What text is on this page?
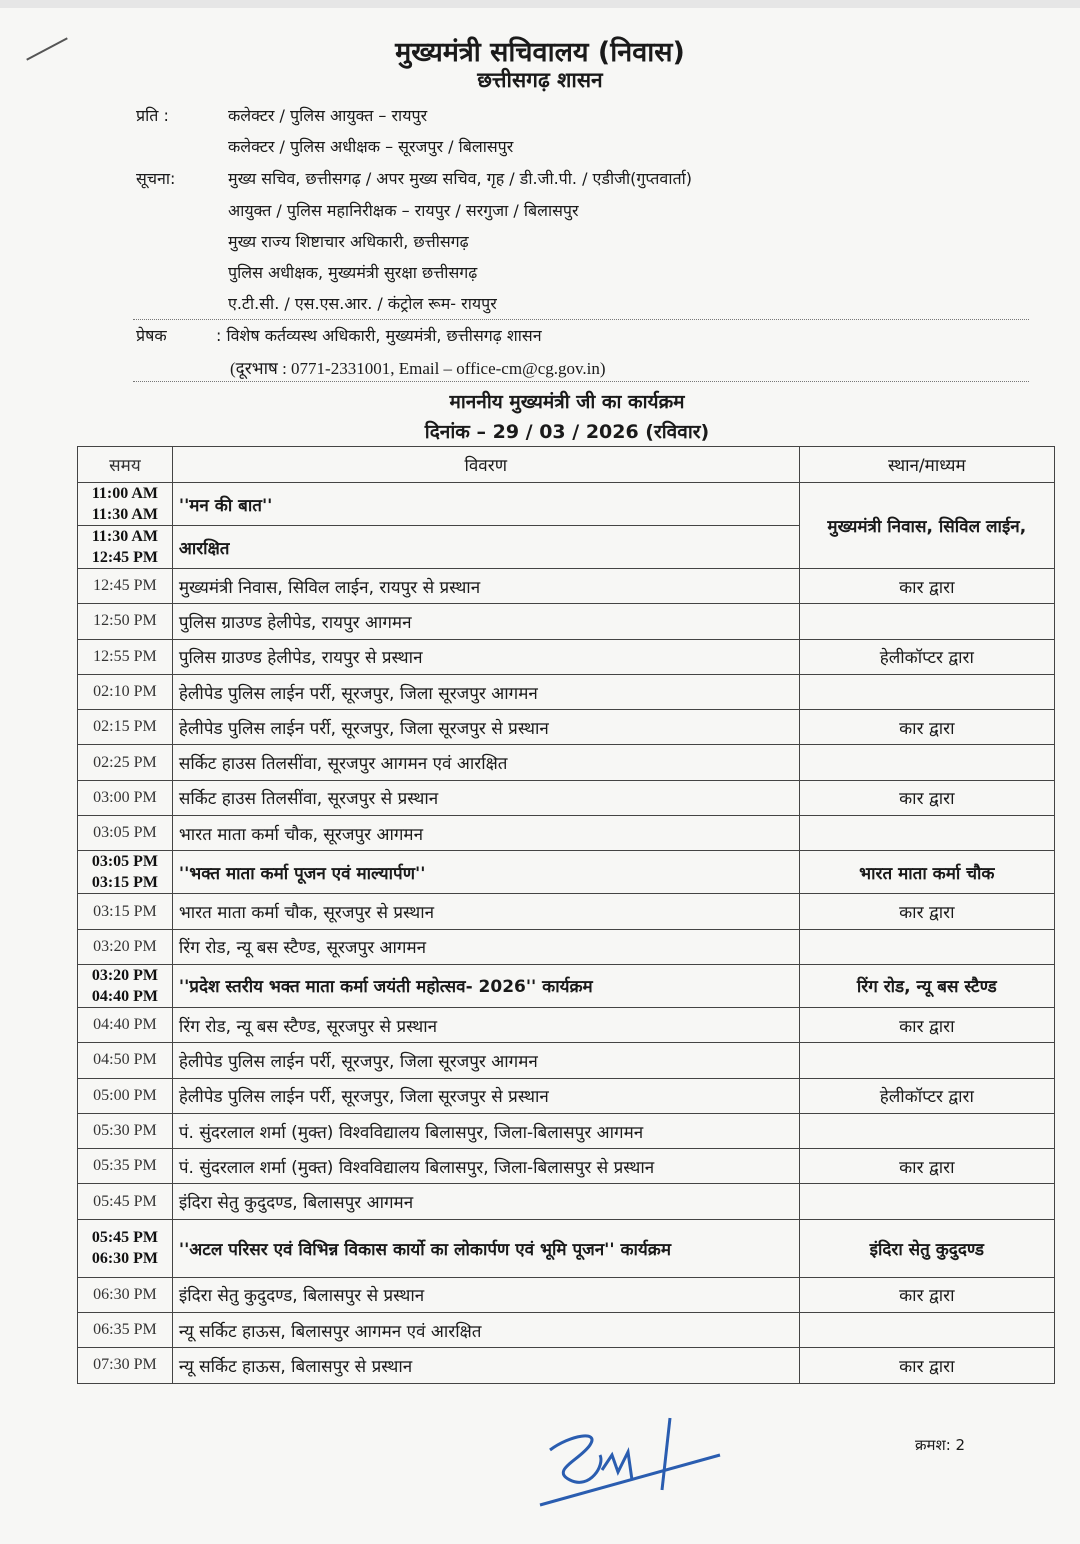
मुख्यमंत्री सचिवालय (निवास)
छत्तीसगढ़ शासन
प्रति :	कलेक्टर / पुलिस आयुक्त – रायपुर
कलेक्टर / पुलिस अधीक्षक – सूरजपुर / बिलासपुर
सूचना:	मुख्य सचिव, छत्तीसगढ़ / अपर मुख्य सचिव, गृह / डी.जी.पी. / एडीजी(गुप्तवार्ता)
आयुक्त / पुलिस महानिरीक्षक – रायपुर / सरगुजा / बिलासपुर
मुख्य राज्य शिष्टाचार अधिकारी, छत्तीसगढ़
पुलिस अधीक्षक, मुख्यमंत्री सुरक्षा छत्तीसगढ़
ए.टी.सी. / एस.एस.आर. / कंट्रोल रूम- रायपुर
प्रेषक	: विशेष कर्तव्यस्थ अधिकारी, मुख्यमंत्री, छत्तीसगढ़ शासन
(दूरभाष : 0771-2331001, Email – office-cm@cg.gov.in)
माननीय मुख्यमंत्री जी का कार्यक्रम
दिनांक – 29 / 03 / 2026 (रविवार)
समय	विवरण	स्थान/माध्यम

11:00 AM
11:30 AM	''मन की बात''	मुख्यमंत्री निवास, सिविल लाईन,

11:30 AM
12:45 PM	आरक्षित	

12:45 PM	मुख्यमंत्री निवास, सिविल लाईन, रायपुर से प्रस्थान	कार द्वारा

12:50 PM	पुलिस ग्राउण्ड हेलीपेड, रायपुर आगमन	

12:55 PM	पुलिस ग्राउण्ड हेलीपेड, रायपुर से प्रस्थान	हेलीकॉप्टर द्वारा

02:10 PM	हेलीपेड पुलिस लाईन पर्री, सूरजपुर, जिला सूरजपुर आगमन	

02:15 PM	हेलीपेड पुलिस लाईन पर्री, सूरजपुर, जिला सूरजपुर से प्रस्थान	कार द्वारा

02:25 PM	सर्किट हाउस तिलसींवा, सूरजपुर आगमन एवं आरक्षित	

03:00 PM	सर्किट हाउस तिलसींवा, सूरजपुर से प्रस्थान	कार द्वारा

03:05 PM	भारत माता कर्मा चौक, सूरजपुर आगमन	

03:05 PM
03:15 PM	''भक्त माता कर्मा पूजन एवं माल्यार्पण''	भारत माता कर्मा चौक

03:15 PM	भारत माता कर्मा चौक, सूरजपुर से प्रस्थान	कार द्वारा

03:20 PM	रिंग रोड, न्यू बस स्टैण्ड, सूरजपुर आगमन	

03:20 PM
04:40 PM	''प्रदेश स्तरीय भक्त माता कर्मा जयंती महोत्सव- 2026'' कार्यक्रम	रिंग रोड, न्यू बस स्टैण्ड

04:40 PM	रिंग रोड, न्यू बस स्टैण्ड, सूरजपुर से प्रस्थान	कार द्वारा

04:50 PM	हेलीपेड पुलिस लाईन पर्री, सूरजपुर, जिला सूरजपुर आगमन	

05:00 PM	हेलीपेड पुलिस लाईन पर्री, सूरजपुर, जिला सूरजपुर से प्रस्थान	हेलीकॉप्टर द्वारा

05:30 PM	पं. सुंदरलाल शर्मा (मुक्त) विश्वविद्यालय बिलासपुर, जिला-बिलासपुर आगमन	

05:35 PM	पं. सुंदरलाल शर्मा (मुक्त) विश्वविद्यालय बिलासपुर, जिला-बिलासपुर से प्रस्थान	कार द्वारा

05:45 PM	इंदिरा सेतु कुदुदण्ड, बिलासपुर आगमन	

05:45 PM
06:30 PM	''अटल परिसर एवं विभिन्न विकास कार्यो का लोकार्पण एवं भूमि पूजन'' कार्यक्रम	इंदिरा सेतु कुदुदण्ड

06:30 PM	इंदिरा सेतु कुदुदण्ड, बिलासपुर से प्रस्थान	कार द्वारा

06:35 PM	न्यू सर्किट हाऊस, बिलासपुर आगमन एवं आरक्षित	

07:30 PM	न्यू सर्किट हाऊस, बिलासपुर से प्रस्थान	कार द्वारा
क्रमश: 2
